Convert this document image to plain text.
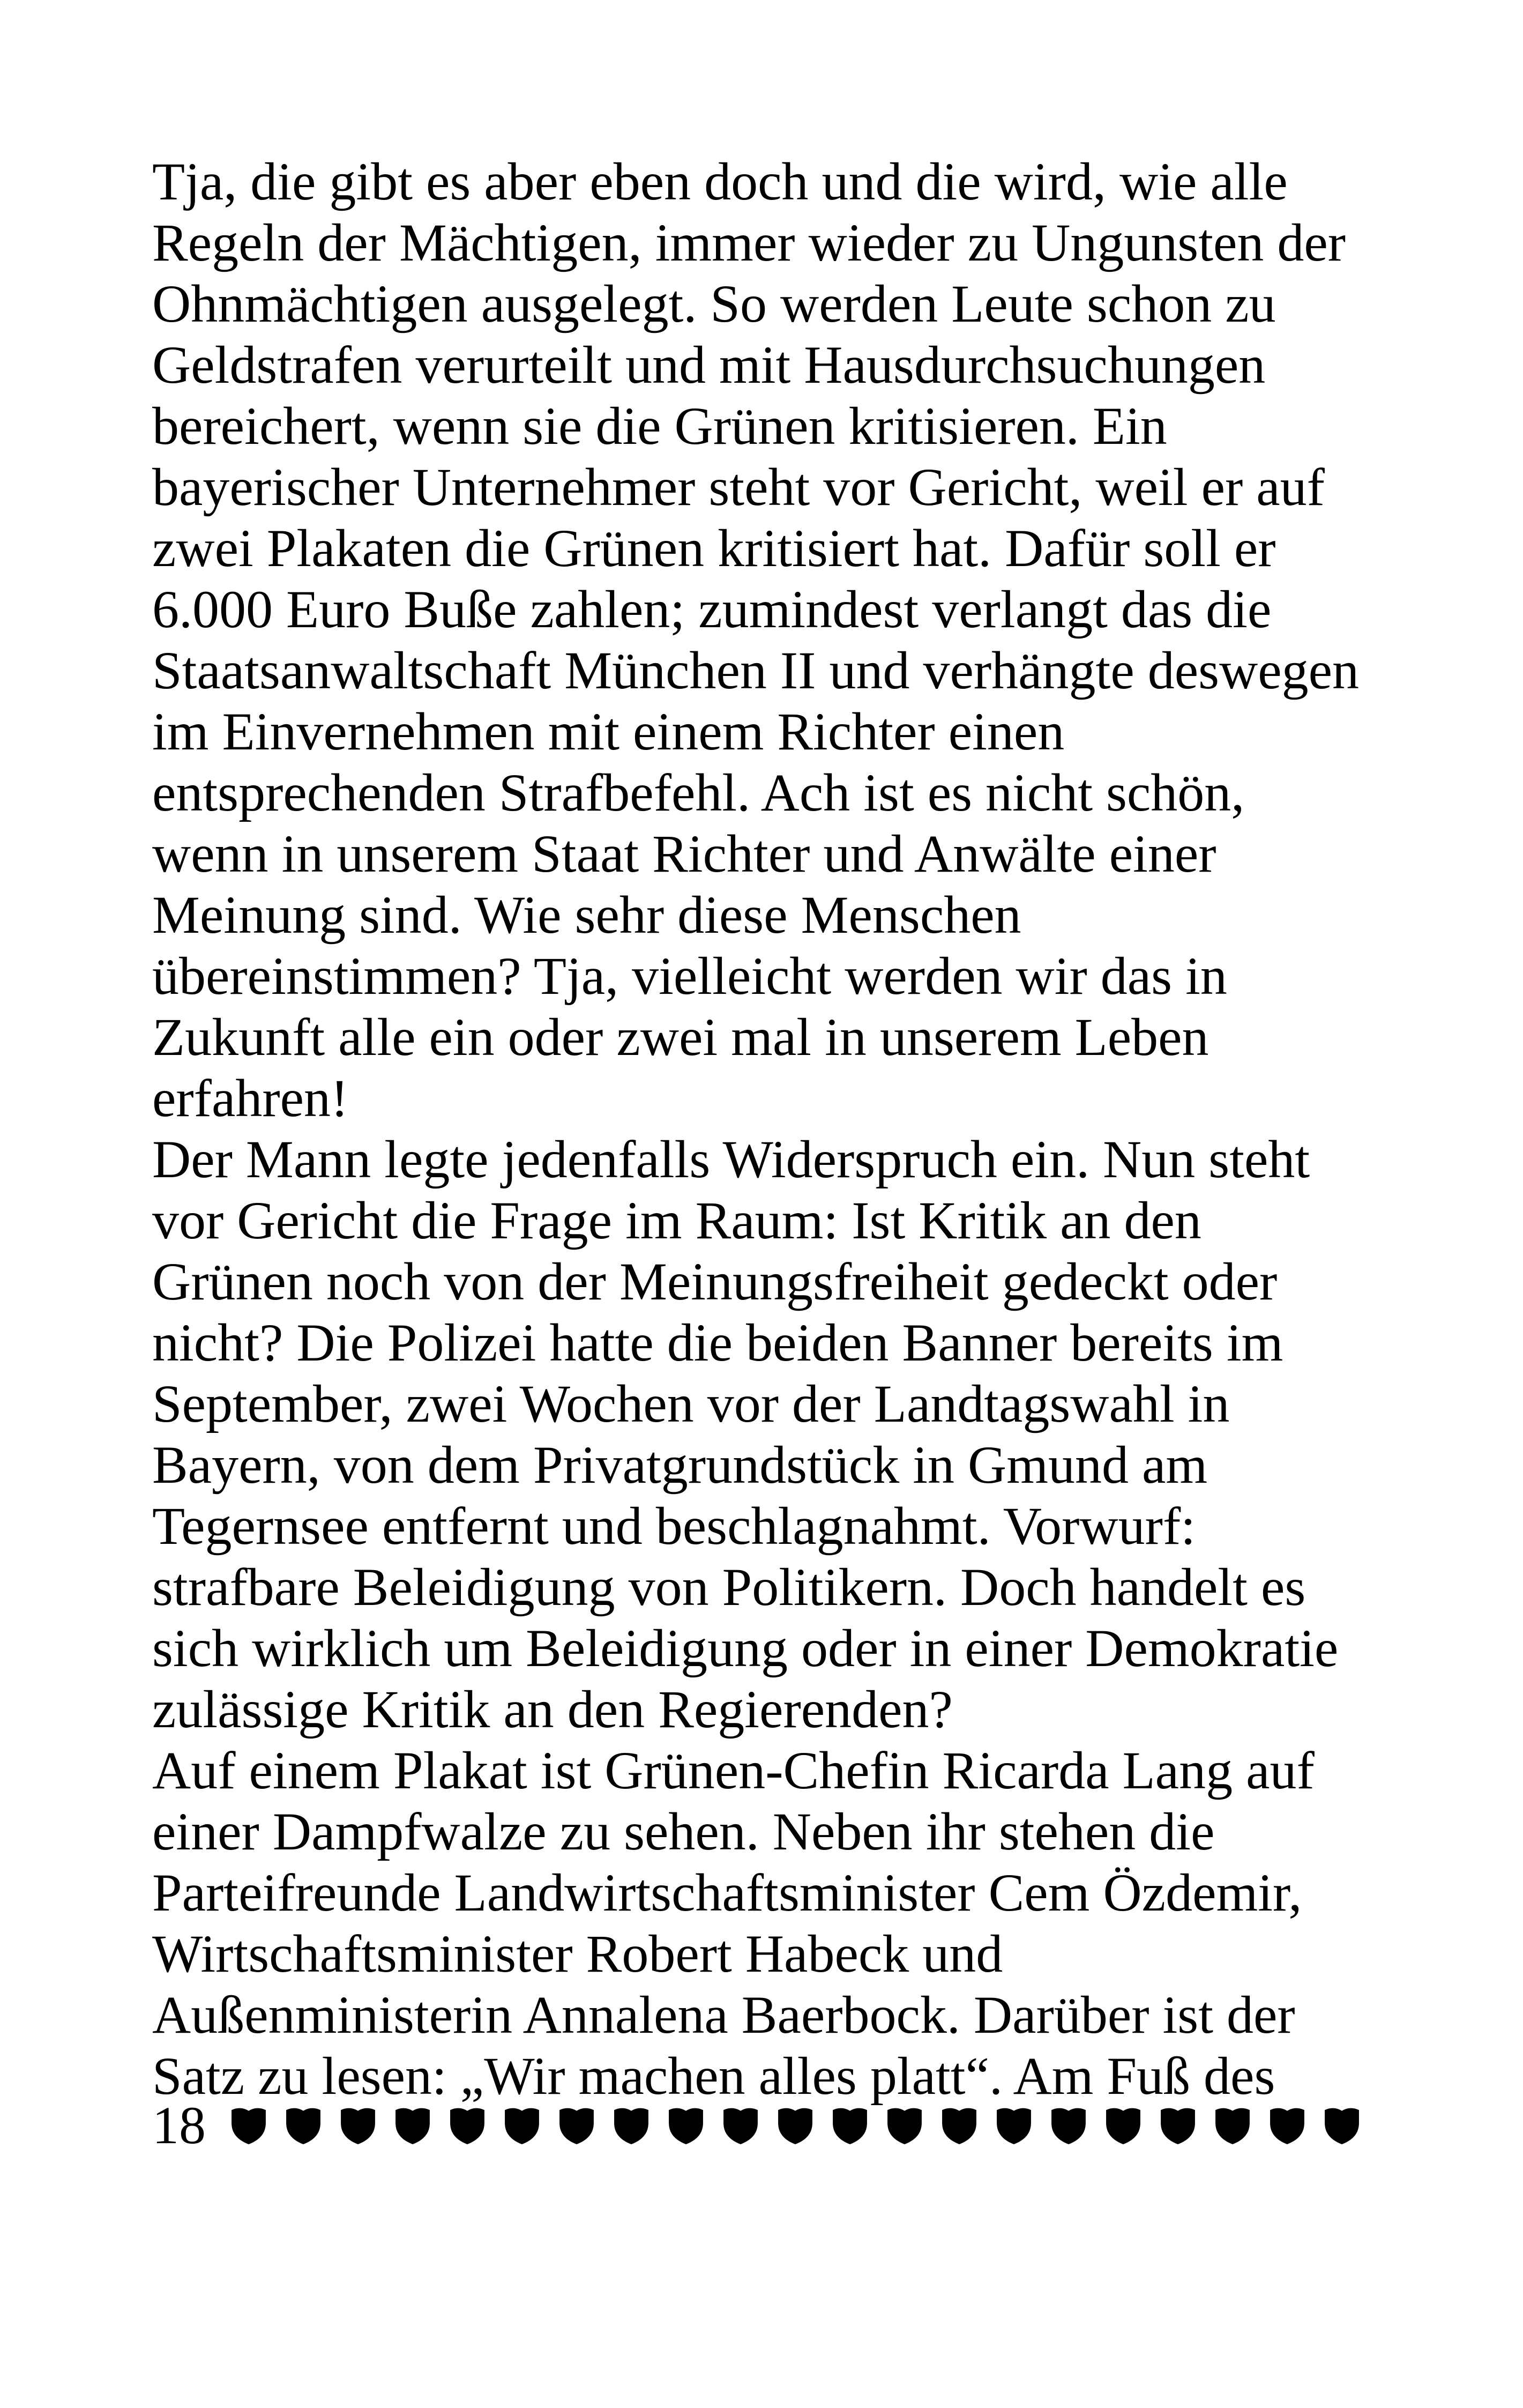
Tja, die gibt es aber eben doch und die wird, wie alle
Regeln der Mächtigen, immer wieder zu Ungunsten der
Ohnmächtigen ausgelegt. So werden Leute schon zu
Geldstrafen verurteilt und mit Hausdurchsuchungen
bereichert, wenn sie die Grünen kritisieren. Ein
bayerischer Unternehmer steht vor Gericht, weil er auf
zwei Plakaten die Grünen kritisiert hat. Dafür soll er
6.000 Euro Buße zahlen; zumindest verlangt das die
Staatsanwaltschaft München II und verhängte deswegen
im Einvernehmen mit einem Richter einen
entsprechenden Strafbefehl. Ach ist es nicht schön,
wenn in unserem Staat Richter und Anwälte einer
Meinung sind. Wie sehr diese Menschen
übereinstimmen? Tja, vielleicht werden wir das in
Zukunft alle ein oder zwei mal in unserem Leben
erfahren!
Der Mann legte jedenfalls Widerspruch ein. Nun steht
vor Gericht die Frage im Raum: Ist Kritik an den
Grünen noch von der Meinungsfreiheit gedeckt oder
nicht? Die Polizei hatte die beiden Banner bereits im
September, zwei Wochen vor der Landtagswahl in
Bayern, von dem Privatgrundstück in Gmund am
Tegernsee entfernt und beschlagnahmt. Vorwurf:
strafbare Beleidigung von Politikern. Doch handelt es
sich wirklich um Beleidigung oder in einer Demokratie
zulässige Kritik an den Regierenden?
Auf einem Plakat ist Grünen-Chefin Ricarda Lang auf
einer Dampfwalze zu sehen. Neben ihr stehen die
Parteifreunde Landwirtschaftsminister Cem Özdemir,
Wirtschaftsminister Robert Habeck und
Außenministerin Annalena Baerbock. Darüber ist der
Satz zu lesen: „Wir machen alles platt“. Am Fuß des
18
